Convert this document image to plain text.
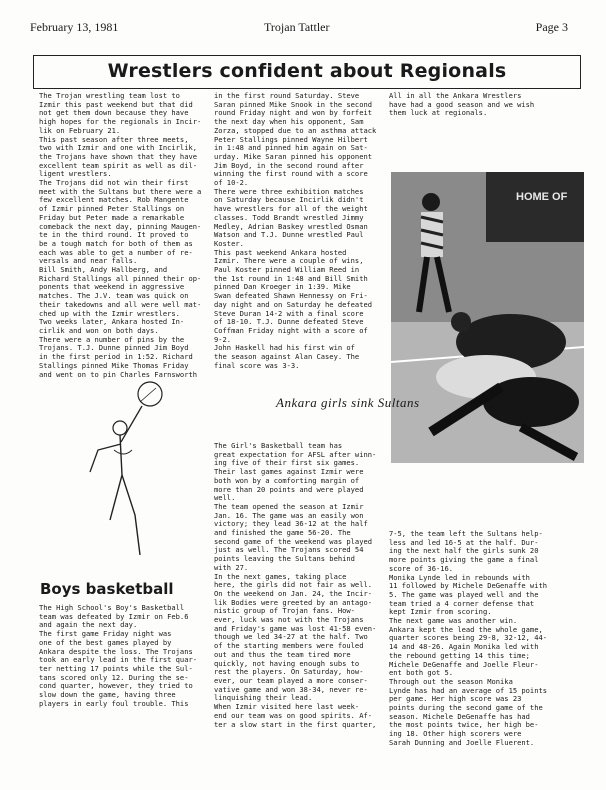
February 13, 1981	Trojan Tattler	Page 3
Wrestlers confident about Regionals
The Trojan wrestling team lost to
Izmir this past weekend but that did
not get them down because they have
high hopes for the regionals in Incir-
lik on February 21.
This past season after three meets,
two with Izmir and one with Incirlik,
the Trojans have shown that they have
excellent team spirit as well as dil-
ligent wrestlers.
The Trojans did not win their first
meet with the Sultans but there were a
few excellent matches. Rob Mangente
of Izmir pinned Peter Stallings on
Friday but Peter made a remarkable
comeback the next day, pinning Maugen-
te in the third round. It proved to
be a tough match for both of them as
each was able to get a number of re-
versals and near falls.
Bill Smith, Andy Hallberg, and
Richard Stallings all pinned their op-
ponents that weekend in aggressive
matches. The J.V. team was quick on
their takedowns and all were well mat-
ched up with the Izmir wrestlers.
Two weeks later, Ankara hosted In-
cirlik and won on both days.
There were a number of pins by the
Trojans. T.J. Dunne pinned Jim Boyd
in the first period in 1:52. Richard
Stallings pinned Mike Thomas Friday
and went on to pin Charles Farnsworth
in the first round Saturday. Steve
Saran pinned Mike Snook in the second
round Friday night and won by forfeit
the next day when his opponent, Sam
Zorza, stopped due to an asthma attack
Peter Stallings pinned Wayne Hilbert
in 1:48 and pinned him again on Sat-
urday. Mike Saran pinned his opponent
Jim Boyd, in the second round after
winning the first round with a score
of 10-2.
There were three exhibition matches
on Saturday because Incirlik didn't
have wrestlers for all of the weight
classes. Todd Brandt wrestled Jimmy
Medley, Adrian Baskey wrestled Osman
Watson and T.J. Dunne wrestled Paul
Koster.
This past weekend Ankara hosted
Izmir. There were a couple of wins,
Paul Koster pinned William Reed in
the 1st round in 1:48 and Bill Smith
pinned Dan Kroeger in 1:39. Mike
Swan defeated Shawn Hennessy on Fri-
day night and on Saturday he defeated
Steve Duran 14-2 with a final score
of 18-10. T.J. Dunne defeated Steve
Coffman Friday night with a score of
9-2.
John Haskell had his first win of
the season against Alan Casey. The
final score was 3-3.
All in all the Ankara Wrestlers
have had a good season and we wish
them luck at regionals.
HOME OF
Ankara girls sink Sultans
The Girl's Basketball team has
great expectation for AFSL after winn-
ing five of their first six games.
Their last games against Izmir were
both won by a comforting margin of
more than 20 points and were played
well.
The team opened the season at Izmir
Jan. 16. The game was an easily won
victory; they lead 36-12 at the half
and finished the game 56-20. The
second game of the weekend was played
just as well. The Trojans scored 54
points leaving the Sultans behind
with 27.
In the next games, taking place
here, the girls did not fair as well.
On the weekend on Jan. 24, the Incir-
lik Bodies were greeted by an antago-
nistic group of Trojan fans. How-
ever, luck was not with the Trojans
and Friday's game was lost 41-58 even-
though we led 34-27 at the half. Two
of the starting members were fouled
out and thus the team tired more
quickly, not having enough subs to
rest the players. On Saturday, how-
ever, our team played a more conser-
vative game and won 38-34, never re-
linquishing their lead.
When Izmir visited here last week-
end our team was on good spirits. Af-
ter a slow start in the first quarter,
7-5, the team left the Sultans help-
less and led 16-5 at the half. Dur-
ing the next half the girls sunk 20
more points giving the game a final
score of 36-16.
Monika Lynde led in rebounds with
11 followed by Michele DeGenaffe with
5. The game was played well and the
team tried a 4 corner defense that
kept Izmir from scoring.
The next game was another win.
Ankara kept the lead the whole game,
quarter scores being 29-8, 32-12, 44-
14 and 48-26. Again Monika led with
the rebound getting 14 this time;
Michele DeGenaffe and Joelle Fleur-
ent both got 5.
Through out the season Monika
Lynde has had an average of 15 points
per game. Her high score was 23
points during the second game of the
season. Michele DeGenaffe has had
the most points twice, her high be-
ing 18. Other high scorers were
Sarah Dunning and Joelle Fluerent.
Boys basketball
The High School's Boy's Basketball
team was defeated by Izmir on Feb.6
and again the next day.
The first game Friday night was
one of the best games played by
Ankara despite the loss. The Trojans
took an early lead in the first quar-
ter netting 17 points while the Sul-
tans scored only 12. During the se-
cond quarter, however, they tried to
slow down the game, having three
players in early foul trouble. This
